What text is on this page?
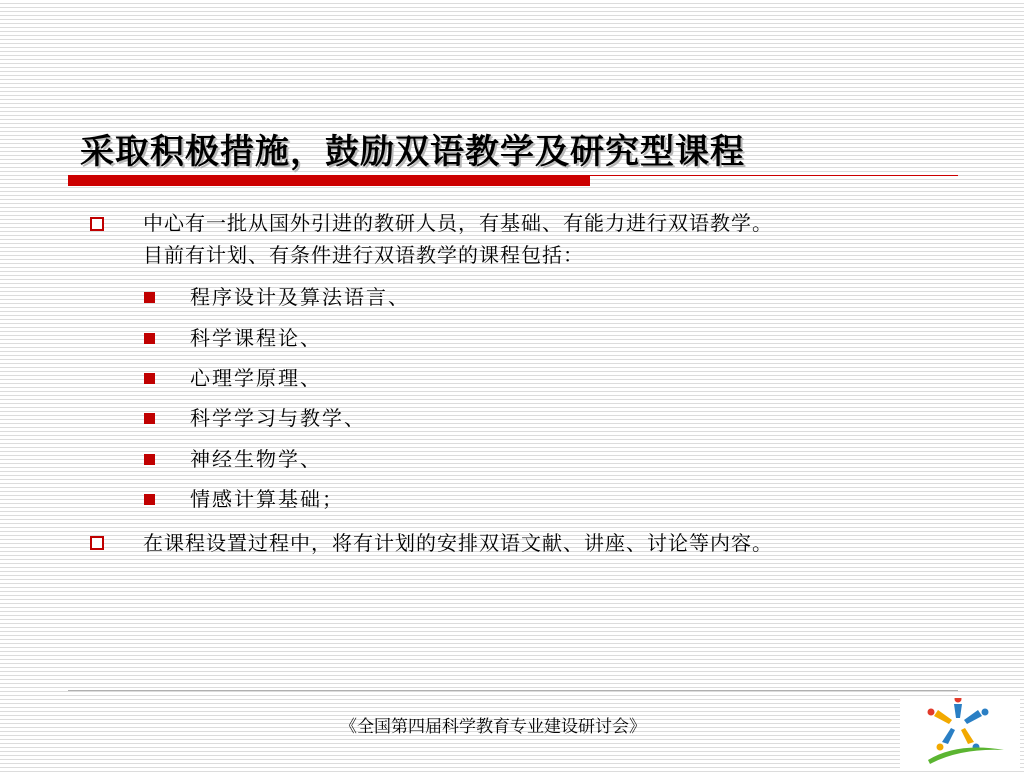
采取积极措施，鼓励双语教学及研究型课程
中心有一批从国外引进的教研人员，有基础、有能力进行双语教学。
目前有计划、有条件进行双语教学的课程包括：
程序设计及算法语言、
科学课程论、
心理学原理、
科学学习与教学、
神经生物学、
情感计算基础；
在课程设置过程中，将有计划的安排双语文献、讲座、讨论等内容。
《全国第四届科学教育专业建设研讨会》
